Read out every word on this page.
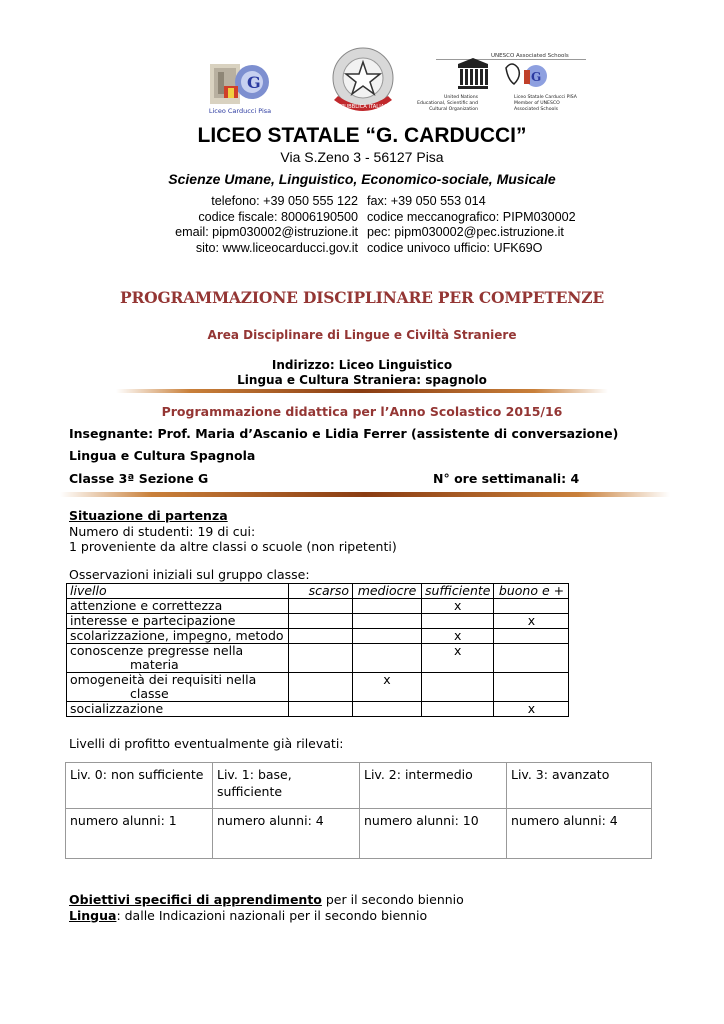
G
Liceo Carducci Pisa	REPUBBLICA ITALIANA
UNESCO Associated Schools
G
United Nations
Educational, Scientific and
Cultural Organization
Liceo Statale Carducci PISA
Member of UNESCO
Associated Schools
LICEO STATALE “G. CARDUCCI”
Via S.Zeno 3 - 56127 Pisa
Scienze Umane, Linguistico, Economico-sociale, Musicale
telefono: +39 050 555 122
codice fiscale: 80006190500
email: pipm030002@istruzione.it
sito: www.liceocarducci.gov.it
fax: +39 050 553 014
codice meccanografico: PIPM030002
pec: pipm030002@pec.istruzione.it
codice univoco ufficio: UFK69O
PROGRAMMAZIONE DISCIPLINARE PER COMPETENZE
Area Disciplinare di Lingue e Civiltà Straniere
Indirizzo: Liceo Linguistico
Lingua e Cultura Straniera: spagnolo
Programmazione didattica per l’Anno Scolastico 2015/16
Insegnante: Prof. Maria d’Ascanio e Lidia Ferrer (assistente di conversazione)
Lingua e Cultura Spagnola
Classe 3ª Sezione G	N° ore settimanali: 4
Situazione di partenza
Numero di studenti: 19 di cui:
1 proveniente da altre classi o scuole (non ripetenti)
Osservazioni iniziali sul gruppo classe:
livello	scarso	mediocre	sufficiente	buono e +
attenzione e correttezza			x	
interesse e partecipazione				x
scolarizzazione, impegno, metodo			x	

conoscenze pregresse nella
materia			x	

omogeneità dei requisiti nella
classe		x		
socializzazione				x
Livelli di profitto eventualmente già rilevati:
Liv. 0: non sufficiente	Liv. 1: base, sufficiente	Liv. 2: intermedio	Liv. 3: avanzato
numero alunni: 1	numero alunni: 4	numero alunni: 10	numero alunni: 4
Obiettivi specifici di apprendimento per il secondo biennio
Lingua: dalle Indicazioni nazionali per il secondo biennio
